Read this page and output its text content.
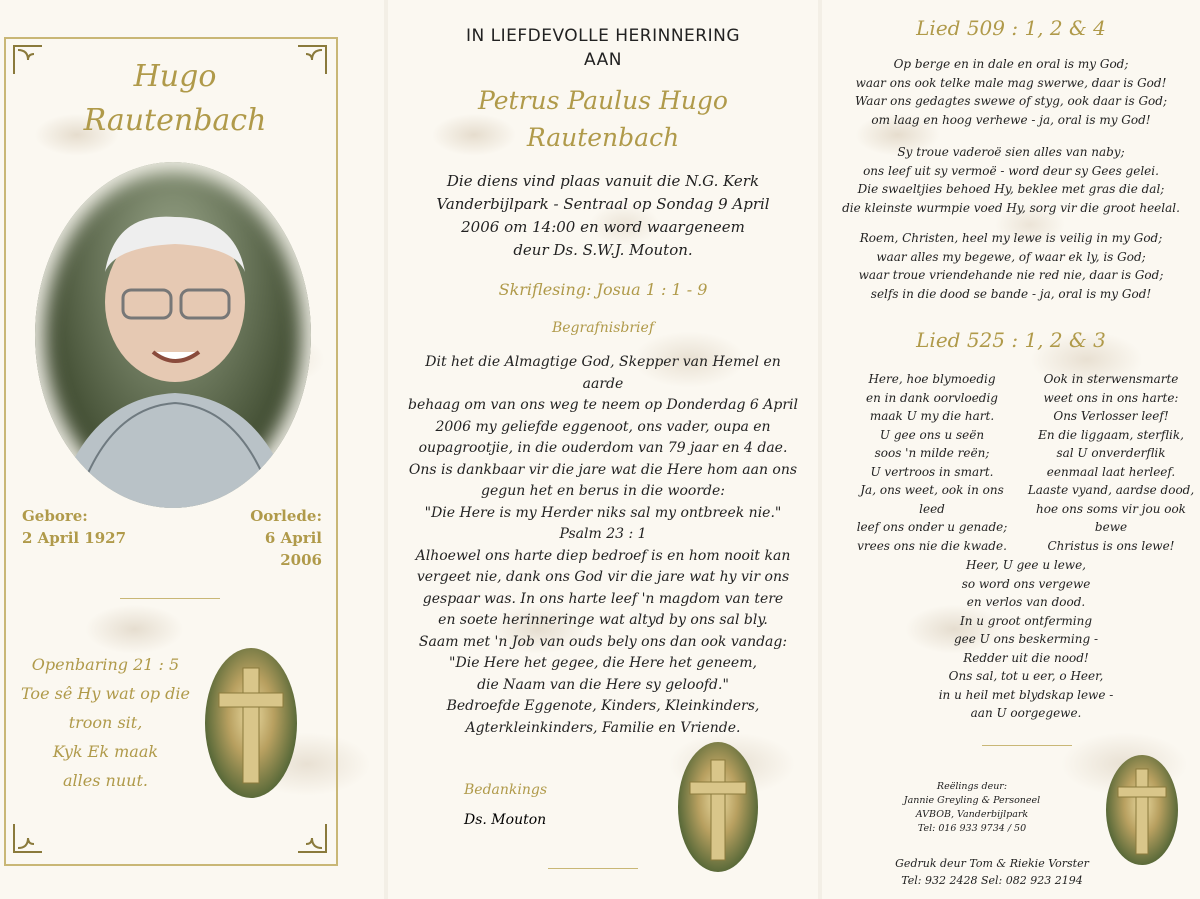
Hugo
Rautenbach
Gebore:
2 April 1927
Oorlede:
6 April 2006
Openbaring 21 : 5
Toe sê Hy wat op die
troon sit,
Kyk Ek maak
alles nuut.
IN LIEFDEVOLLE HERINNERING
AAN
Petrus Paulus Hugo
Rautenbach
Die diens vind plaas vanuit die N.G. Kerk
Vanderbijlpark - Sentraal op Sondag 9 April
2006 om 14:00 en word waargeneem
deur Ds. S.W.J. Mouton.
Skriflesing: Josua 1 : 1 - 9
Begrafnisbrief
Dit het die Almagtige God, Skepper van Hemel en aarde
behaag om van ons weg te neem op Donderdag 6 April
2006 my geliefde eggenoot, ons vader, oupa en
oupagrootjie, in die ouderdom van 79 jaar en 4 dae.
Ons is dankbaar vir die jare wat die Here hom aan ons
gegun het en berus in die woorde:
"Die Here is my Herder niks sal my ontbreek nie."
Psalm 23 : 1
Alhoewel ons harte diep bedroef is en hom nooit kan
vergeet nie, dank ons God vir die jare wat hy vir ons
gespaar was. In ons harte leef 'n magdom van tere
en soete herinneringe wat altyd by ons sal bly.
Saam met 'n Job van ouds bely ons dan ook vandag:
"Die Here het gegee, die Here het geneem,
die Naam van die Here sy geloofd."
Bedroefde Eggenote, Kinders, Kleinkinders,
Agterkleinkinders, Familie en Vriende.
Bedankings
Ds. Mouton
Lied 509 : 1, 2 & 4
Op berge en in dale en oral is my God;
waar ons ook telke male mag swerwe, daar is God!
Waar ons gedagtes swewe of styg, ook daar is God;
om laag en hoog verhewe - ja, oral is my God!
Sy troue vaderoë sien alles van naby;
ons leef uit sy vermoë - word deur sy Gees gelei.
Die swaeltjies behoed Hy, beklee met gras die dal;
die kleinste wurmpie voed Hy, sorg vir die groot heelal.
Roem, Christen, heel my lewe is veilig in my God;
waar alles my begewe, of waar ek ly, is God;
waar troue vriendehande nie red nie, daar is God;
selfs in die dood se bande - ja, oral is my God!
Lied 525 : 1, 2 & 3
Here, hoe blymoedig
en in dank oorvloedig
maak U my die hart.
U gee ons u seën
soos 'n milde reën;
U vertroos in smart.
Ja, ons weet, ook in ons leed
leef ons onder u genade;
vrees ons nie die kwade.
Ook in sterwensmarte
weet ons in ons harte:
Ons Verlosser leef!
En die liggaam, sterflik,
sal U onverderflik
eenmaal laat herleef.
Laaste vyand, aardse dood,
hoe ons soms vir jou ook bewe
Christus is ons lewe!
Heer, U gee u lewe,
so word ons vergewe
en verlos van dood.
In u groot ontferming
gee U ons beskerming -
Redder uit die nood!
Ons sal, tot u eer, o Heer,
in u heil met blydskap lewe -
aan U oorgegewe.
Reëlings deur:
Jannie Greyling & Personeel
AVBOB, Vanderbijlpark
Tel: 016 933 9734 / 50
Gedruk deur Tom & Riekie Vorster
Tel: 932 2428 Sel: 082 923 2194
